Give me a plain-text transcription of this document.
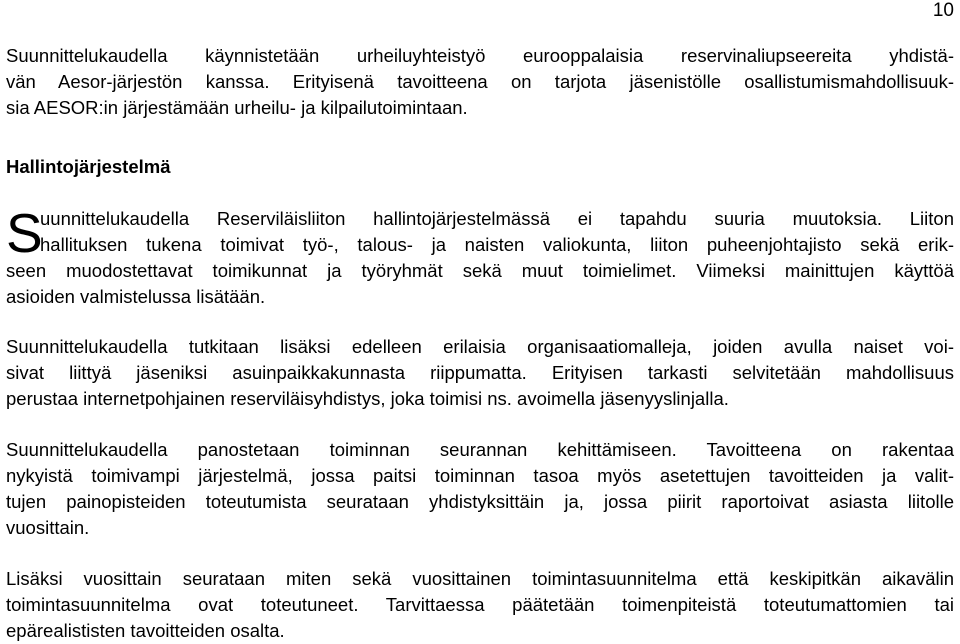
10

Suunnittelukaudella käynnistetään urheiluyhteistyö eurooppalaisia reservinaliupseereita yhdistä-
vän Aesor-järjestön kanssa. Erityisenä tavoitteena on tarjota jäsenistölle osallistumismahdollisuuk-
sia AESOR:in järjestämään urheilu- ja kilpailutoimintaan.

Hallintojärjestelmä
S
uunnittelukaudella Reserviläisliiton hallintojärjestelmässä ei tapahdu suuria muutoksia. Liiton
hallituksen tukena toimivat työ-, talous- ja naisten valiokunta, liiton puheenjohtajisto sekä erik-
seen muodostettavat toimikunnat ja työryhmät sekä muut toimielimet. Viimeksi mainittujen käyttöä
asioiden valmistelussa lisätään.

Suunnittelukaudella tutkitaan lisäksi edelleen erilaisia organisaatiomalleja, joiden avulla naiset voi-
sivat liittyä jäseniksi asuinpaikkakunnasta riippumatta. Erityisen tarkasti selvitetään mahdollisuus
perustaa internetpohjainen reserviläisyhdistys, joka toimisi ns. avoimella jäsenyyslinjalla.

Suunnittelukaudella panostetaan toiminnan seurannan kehittämiseen. Tavoitteena on rakentaa
nykyistä toimivampi järjestelmä, jossa paitsi toiminnan tasoa myös asetettujen tavoitteiden ja valit-
tujen painopisteiden toteutumista seurataan yhdistyksittäin ja, jossa piirit raportoivat asiasta liitolle
vuosittain.

Lisäksi vuosittain seurataan miten sekä vuosittainen toimintasuunnitelma että keskipitkän aikavälin
toimintasuunnitelma ovat toteutuneet. Tarvittaessa päätetään toimenpiteistä toteutumattomien tai
epärealististen tavoitteiden osalta.
